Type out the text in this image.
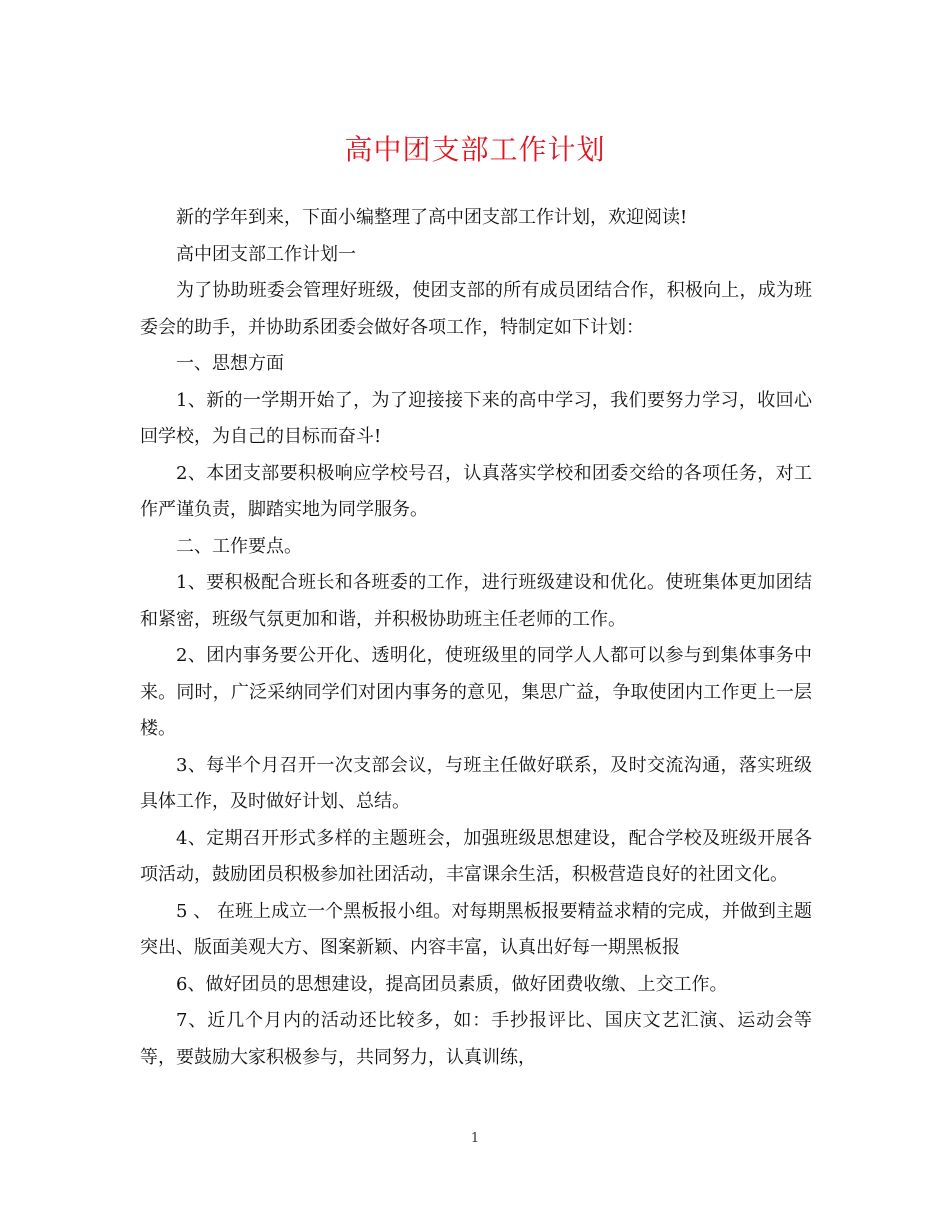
高中团支部工作计划

新的学年到来，下面小编整理了高中团支部工作计划，欢迎阅读!

高中团支部工作计划一

为了协助班委会管理好班级，使团支部的所有成员团结合作，积极向上，成为班委会的助手，并协助系团委会做好各项工作，特制定如下计划：

一、思想方面

1、新的一学期开始了，为了迎接接下来的高中学习，我们要努力学习，收回心回学校，为自己的目标而奋斗!

2、本团支部要积极响应学校号召，认真落实学校和团委交给的各项任务，对工作严谨负责，脚踏实地为同学服务。

二、工作要点。

1、要积极配合班长和各班委的工作，进行班级建设和优化。使班集体更加团结和紧密，班级气氛更加和谐，并积极协助班主任老师的工作。

2、团内事务要公开化、透明化，使班级里的同学人人都可以参与到集体事务中来。同时，广泛采纳同学们对团内事务的意见，集思广益，争取使团内工作更上一层楼。

3、每半个月召开一次支部会议，与班主任做好联系，及时交流沟通，落实班级具体工作，及时做好计划、总结。

4、定期召开形式多样的主题班会，加强班级思想建设，配合学校及班级开展各项活动，鼓励团员积极参加社团活动，丰富课余生活，积极营造良好的社团文化。

5 、 在班上成立一个黑板报小组。对每期黑板报要精益求精的完成，并做到主题突出、版面美观大方、图案新颖、内容丰富，认真出好每一期黑板报

6、做好团员的思想建设，提高团员素质，做好团费收缴、上交工作。

7、近几个月内的活动还比较多，如：手抄报评比、国庆文艺汇演、运动会等等，要鼓励大家积极参与，共同努力，认真训练，

1
